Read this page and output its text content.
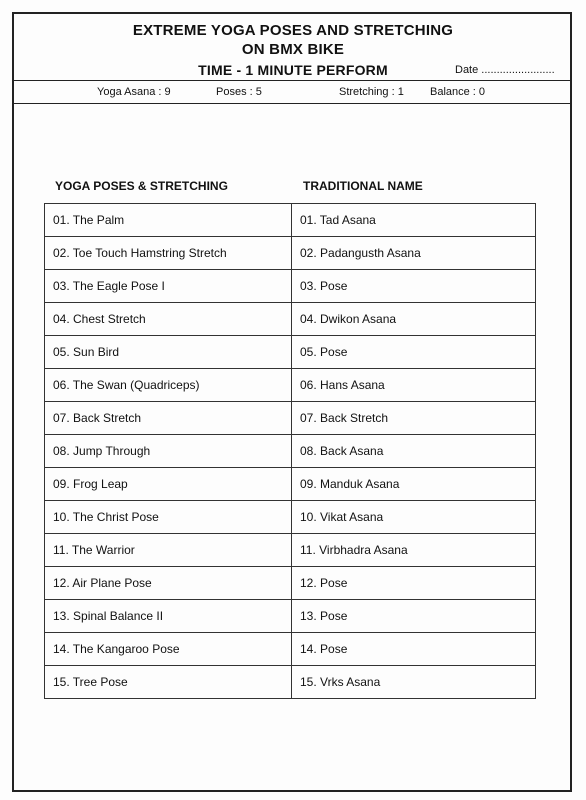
EXTREME YOGA POSES AND STRETCHING
ON BMX BIKE
TIME - 1 MINUTE PERFORM	Date ........................
Yoga Asana : 9	Poses : 5	Stretching : 1 Balance : 0
YOGA POSES & STRETCHING	TRADITIONAL NAME
01. The Palm	01. Tad Asana
02. Toe Touch Hamstring Stretch	02. Padangusth Asana
03. The Eagle Pose I	03. Pose
04. Chest Stretch	04. Dwikon Asana
05. Sun Bird	05. Pose
06. The Swan (Quadriceps)	06. Hans Asana
07. Back Stretch	07. Back Stretch
08. Jump Through	08. Back Asana
09. Frog Leap	09. Manduk Asana
10. The Christ Pose	10. Vikat Asana
11. The Warrior	11. Virbhadra Asana
12. Air Plane Pose	12. Pose
13. Spinal Balance II	13. Pose
14. The Kangaroo Pose	14. Pose
15. Tree Pose	15. Vrks Asana
